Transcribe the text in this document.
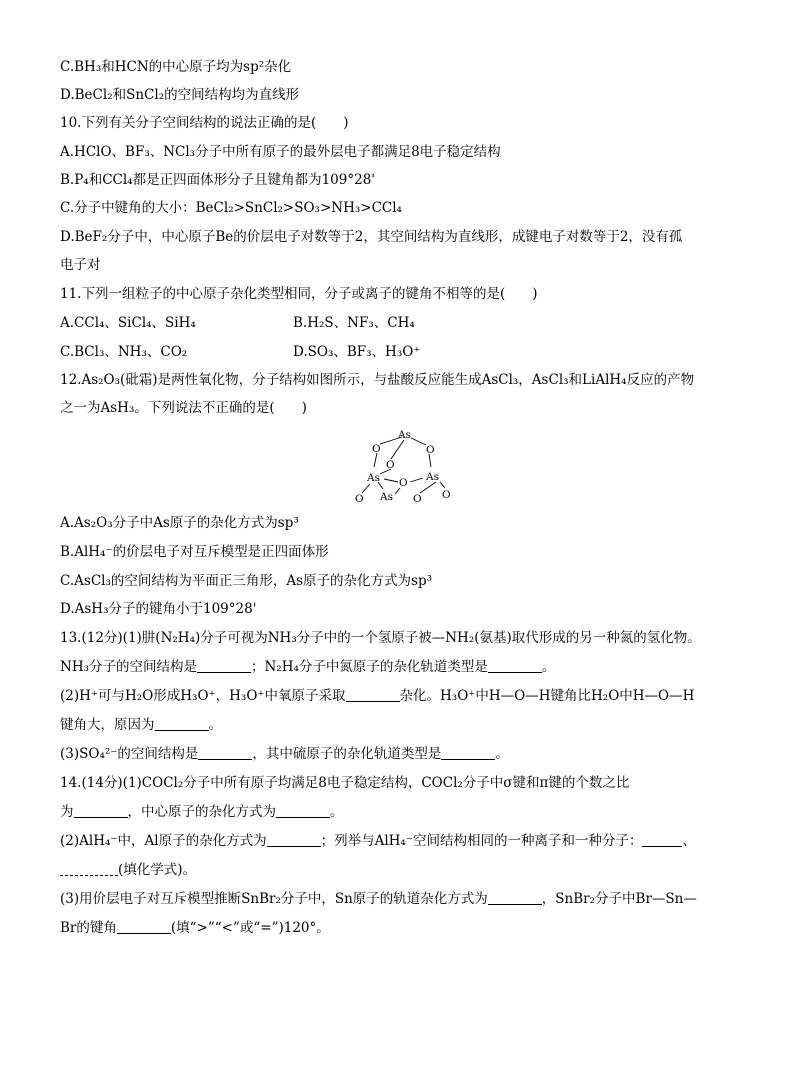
C.BH₃和HCN的中心原子均为sp²杂化
D.BeCl₂和SnCl₂的空间结构均为直线形
10.下列有关分子空间结构的说法正确的是(　　)
A.HClO、BF₃、NCl₃分子中所有原子的最外层电子都满足8电子稳定结构
B.P₄和CCl₄都是正四面体形分子且键角都为109°28'
C.分子中键角的大小：BeCl₂>SnCl₂>SO₃>NH₃>CCl₄
D.BeF₂分子中，中心原子Be的价层电子对数等于2，其空间结构为直线形，成键电子对数等于2，没有孤
电子对
11.下列一组粒子的中心原子杂化类型相同，分子或离子的键角不相等的是(　　)
A.CCl₄、SiCl₄、SiH₄	B.H₂S、NF₃、CH₄
C.BCl₃、NH₃、CO₂	D.SO₃、BF₃、H₃O⁺
12.As₂O₃(砒霜)是两性氧化物，分子结构如图所示，与盐酸反应能生成AsCl₃，AsCl₃和LiAlH₄反应的产物
之一为AsH₃。下列说法不正确的是(　　)
As
O	O
O
As O As
O As O O
A.As₂O₃分子中As原子的杂化方式为sp³
B.AlH₄⁻的价层电子对互斥模型是正四面体形
C.AsCl₃的空间结构为平面正三角形，As原子的杂化方式为sp³
D.AsH₃分子的键角小于109°28'
13.(12分)(1)肼(N₂H₄)分子可视为NH₃分子中的一个氢原子被—NH₂(氨基)取代形成的另一种氮的氢化物。
NH₃分子的空间结构是	；N₂H₄分子中氮原子的杂化轨道类型是	。
(2)H⁺可与H₂O形成H₃O⁺，H₃O⁺中氧原子采取	杂化。H₃O⁺中H—O—H键角比H₂O中H—O—H
键角大，原因为	。
(3)SO₄²⁻的空间结构是	，其中硫原子的杂化轨道类型是	。
14.(14分)(1)COCl₂分子中所有原子均满足8电子稳定结构，COCl₂分子中σ键和π键的个数之比
为	，中心原子的杂化方式为	。
(2)AlH₄⁻中，Al原子的杂化方式为	；列举与AlH₄⁻空间结构相同的一种离子和一种分子：	、
(填化学式)。
(3)用价层电子对互斥模型推断SnBr₂分子中，Sn原子的轨道杂化方式为	，SnBr₂分子中Br—Sn—
Br的键角	(填“>”“<”或“=”)120°。
